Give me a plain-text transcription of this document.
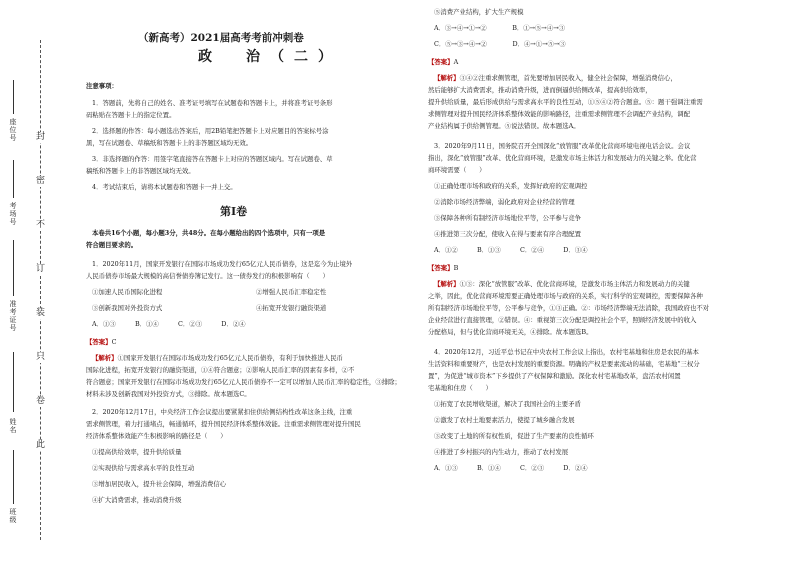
封
密
不
订
装
只
卷
此
座位号
考场号
准考证号
姓名
班级
（新高考）2021届高考考前冲刺卷
政　治（二）
注意事项：
1．答题前，先将自己的姓名、准考证号填写在试题卷和答题卡上，并将准考证号条形
码粘贴在答题卡上的指定位置。
2．选择题的作答：每小题选出答案后，用2B铅笔把答题卡上对应题目的答案标号涂
黑，写在试题卷、草稿纸和答题卡上的非答题区域均无效。
3．非选择题的作答：用签字笔直接答在答题卡上对应的答题区域内。写在试题卷、草
稿纸和答题卡上的非答题区域均无效。
4．考试结束后，请将本试题卷和答题卡一并上交。
第Ⅰ卷
本卷共16个小题，每小题3分，共48分。在每小题给出的四个选项中，只有一项是
符合题目要求的。
1．2020年11月，国家开发银行在国际市场成功发行65亿元人民币债券，这是迄今为止境外
人民币债券市场最大规模的高信誉债券簿记发行。这一债券发行的积极影响有（　　）
①加速人民币国际化进程	②增强人民币汇率稳定性
③创新我国对外投资方式	④拓宽开发银行融资渠道
A．①③　　　B．①④　　　C．②③　　　D．②④
【答案】C
【解析】①国家开发银行在国际市场成功发行65亿元人民币债券，有利于加快推进人民币
国际化进程，拓宽开发银行的融资渠道，①④符合题意；②影响人民币汇率的因素有多样，②不
符合题意；国家开发银行在国际市场成功发行65亿元人民币债券不一定可以增加人民币汇率的稳定性，③排除；
材料未涉及创新我国对外投资方式，③排除。故本题选C。
2．2020年12月17日，中央经济工作会议提出要紧紧扣住供给侧结构性改革这条主线，注重
需求侧管理，着力打通堵点，畅通循环，提升国民经济体系整体效能。注重需求侧管理对提升国民
经济体系整体效能产生积极影响的路径是（　　）
①提高供给效率，提升供给质量
②实现供给与需求高水平的良性互动
③增加居民收入，提升社会保障，增强消费信心
④扩大消费需求，推动消费升级
⑤消费产业结构，扩大生产规模
A．③→④→①→②　　　　B．①→⑤→④→③
C．⑤→③→④→②　　　　D．④→①→⑤→③
【答案】A
【解析】③④②注重求侧管理，首先要增加居民收入，健全社会保障，增强消费信心，
然后能够扩大消费需求，推动消费升级，进而倒逼供给侧改革，提高供给效率，
提升供给质量，最后形成供给与需求高水平的良性互动，①⑤④②符合题意。⑤：题干强调注重需
求侧管理对提升国民经济体系整体效能的影响路径，注重需求侧管理不会调配产业结构，调配
产业结构属于供给侧管理。⑤说法错误。故本题选A。
3．2020年9月11日，国务院召开全国深化“放管服”改革优化营商环境电视电话会议。会议
指出，深化“放管服”改革、优化营商环境，是激发市场主体活力和发展动力的关键之举。优化营
商环境需要（　　）
①正确处理市场和政府的关系，发挥好政府的宏观调控
②消除市场经济弊端，弱化政府对企业经营的管理
③保障各种所有制经济市场地位平等，公平参与竞争
④推进第三次分配，使收入在得与要素有序合理配置
A．①②　　　B．①③　　　C．②④　　　D．③④
【答案】B
【解析】①③：深化“放管服”改革、优化营商环境，是激发市场主体活力和发展动力的关键
之举，因此，优化营商环境需要正确处理市场与政府的关系，实行科学的宏观调控，需要保障各种
所有制经济市场地位平等，公平参与竞争，①③正确。②：市场经济弊端无法消除，我国政府也不对
企业经营进行直接管理，②错误。④：重视第三次分配是调控社会个平，照顾经济发展中的收入
分配格局，但与优化营商环境无关，④排除。故本题选B。
4．2020年12月，习近平总书记在中央农村工作会议上指出，农村宅基地和住房是农民的基本
生活资料和重要财产，也是农村发展的重要资源。明确的产权是要素流动的基础，宅基地“三权分
置”，为促进“城市资本”下乡提供了产权保障和激励。深化农村宅基地改革，盘活农村闲置
宅基地和住房（　　）
①拓宽了农民增收渠道，解决了我国社会的主要矛盾
②激发了农村土地要素活力，使提了城乡融合发展
③改变了土地的所有权性质，促进了生产要素的良性循环
④推进了乡村振兴的内生动力，推动了农村发展
A．①③　　　B．①④　　　C．②③　　　D．②④
